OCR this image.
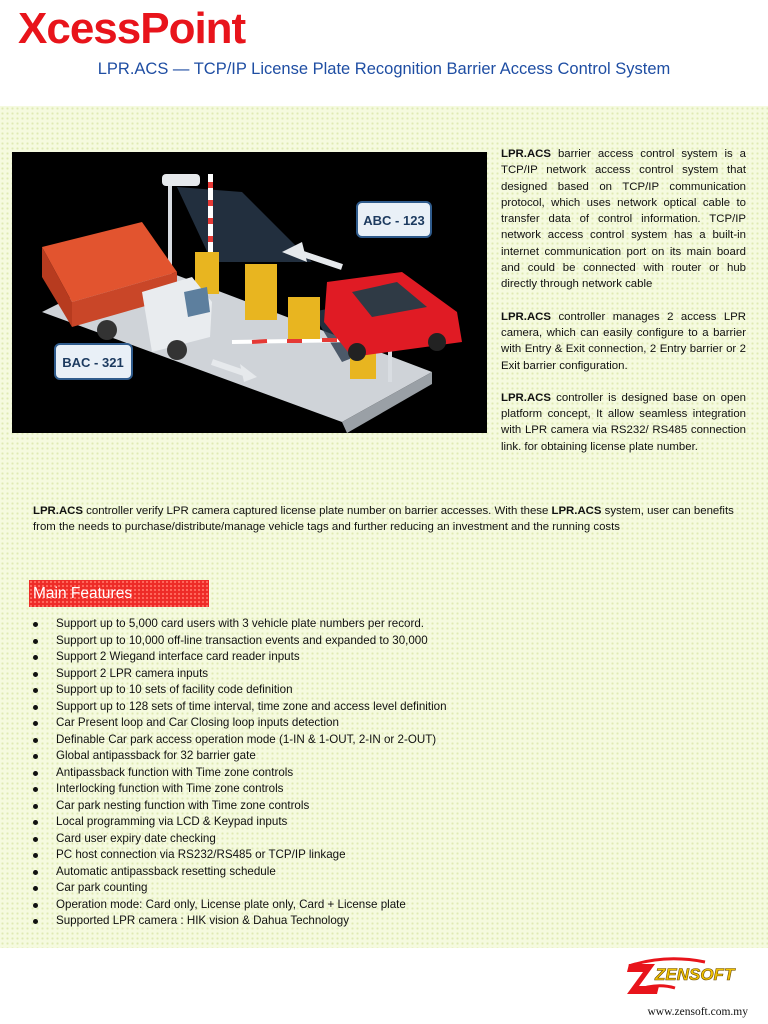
XcessPoint
LPR.ACS — TCP/IP License Plate Recognition Barrier Access Control System
ABC - 123
BAC - 321

LPR.ACS barrier access control system is a TCP/IP network access control system that designed based on TCP/IP communication protocol, which uses network optical cable to transfer data of control information. TCP/IP network access control system has a built-in internet communication port on its main board and could be connected with router or hub directly through network cable

LPR.ACS controller manages 2 access LPR camera, which can easily configure to a barrier with Entry & Exit connection, 2 Entry barrier or 2 Exit barrier configuration.

LPR.ACS controller is designed base on open platform concept, It allow seamless integration with LPR camera via RS232/ RS485 connection link. for obtaining license plate number.

LPR.ACS controller verify LPR camera captured license plate number on barrier accesses. With these LPR.ACS system, user can benefits from the needs to purchase/distribute/manage vehicle tags and further reducing an investment and the running costs

Main Features
Support up to 5,000 card users with 3 vehicle plate numbers per record.
Support up to 10,000 off-line transaction events and expanded to 30,000
Support 2 Wiegand interface card reader inputs
Support 2 LPR camera inputs
Support up to 10 sets of facility code definition
Support up to 128 sets of time interval, time zone and access level definition
Car Present loop and Car Closing loop inputs detection
Definable Car park access operation mode (1-IN & 1-OUT, 2-IN or 2-OUT)
Global antipassback for 32 barrier gate
Antipassback function with Time zone controls
Interlocking function with Time zone controls
Car park nesting function with Time zone controls
Local programming via LCD & Keypad inputs
Card user expiry date checking
PC host connection via RS232/RS485 or TCP/IP linkage
Automatic antipassback resetting schedule
Car park counting
Operation mode: Card only, License plate only, Card + License plate
Supported LPR camera : HIK vision & Dahua Technology
ZENSOFT
www.zensoft.com.my
